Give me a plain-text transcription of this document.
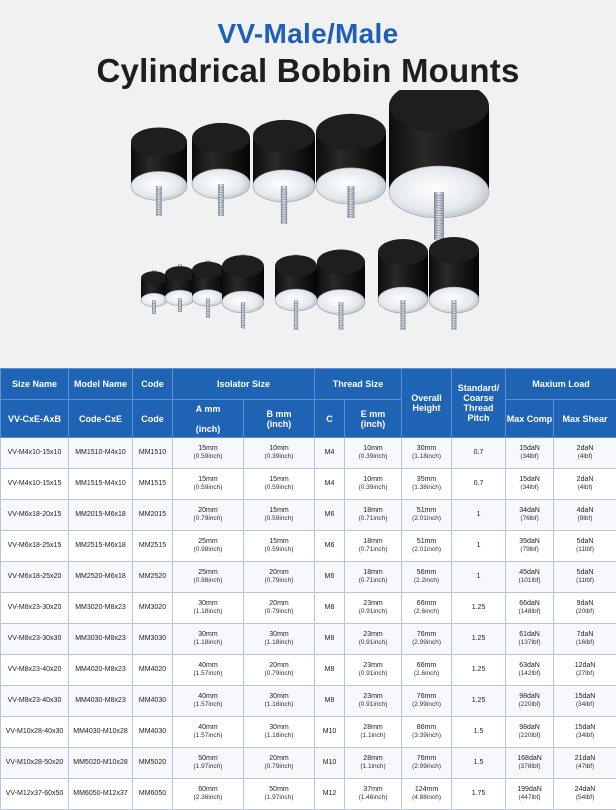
VV-Male/Male
Cylindrical Bobbin Mounts
Size Name	Model Name	Code	Isolator Size		Thread Size		Overall Height	Standard/ Coarse Thread Pitch	Maxium Load	
VV-CxE-AxB	Code-CxE	Code	A mm

(inch)	B mm
(inch)	C	E mm
(inch)			Max Comp	Max Shear
VV-M4x10-15x10	MM1510-M4x10	MM1510	15mm
(0.59inch)	10mm
(0.39inch)	M4	10mm
(0.39inch)	30mm
(1.18inch)	0.7	15daN
(34lbf)	2daN
(4lbf)

VV-M4x10-15x15	MM1515-M4x10	MM1515	15mm
(0.59inch)	15mm
(0.59inch)	M4	10mm
(0.39inch)	35mm
(1.38inch)	0.7	15daN
(34lbf)	2daN
(4lbf)

VV-M6x18-20x15	MM2015-M6x18	MM2015	20mm
(0.79inch)	15mm
(0.59inch)	M6	18mm
(0.71inch)	51mm
(2.01inch)	1	34daN
(76lbf)	4daN
(9lbf)

VV-M6x18-25x15	MM2515-M6x18	MM2515	25mm
(0.98inch)	15mm
(0.59inch)	M6	18mm
(0.71inch)	51mm
(2.01inch)	1	35daN
(79lbf)	5daN
(11lbf)

VV-M6x18-25x20	MM2520-M6x18	MM2520	25mm
(0.98inch)	20mm
(0.79inch)	M6	18mm
(0.71inch)	56mm
(2.2inch)	1	45daN
(101lbf)	5daN
(11lbf)

VV-M8x23-30x20	MM3020-M8x23	MM3020	30mm
(1.18inch)	20mm
(0.79inch)	M8	23mm
(0.91inch)	66mm
(2.6inch)	1.25	66daN
(148lbf)	9daN
(20lbf)

VV-M8x23-30x30	MM3030-M8x23	MM3030	30mm
(1.18inch)	30mm
(1.18inch)	M8	23mm
(0.91inch)	76mm
(2.99inch)	1.25	61daN
(137lbf)	7daN
(16lbf)

VV-M8x23-40x20	MM4020-M8x23	MM4020	40mm
(1.57inch)	20mm
(0.79inch)	M8	23mm
(0.91inch)	66mm
(2.6inch)	1.25	63daN
(142lbf)	12daN
(27lbf)

VV-M8x23-40x30	MM4030-M8x23	MM4030	40mm
(1.57inch)	30mm
(1.18inch)	M8	23mm
(0.91inch)	76mm
(2.99inch)	1.25	98daN
(220lbf)	15daN
(34lbf)

VV-M10x28-40x30	MM4030-M10x28	MM4030	40mm
(1.57inch)	30mm
(1.18inch)	M10	28mm
(1.1inch)	86mm
(3.39inch)	1.5	98daN
(220lbf)	15daN
(34lbf)

VV-M10x28-50x20	MM5020-M10x28	MM5020	50mm
(1.97inch)	20mm
(0.79inch)	M10	28mm
(1.1inch)	76mm
(2.99inch)	1.5	168daN
(378lbf)	21daN
(47lbf)

VV-M12x37-60x50	MM6050-M12x37	MM6050	60mm
(2.36inch)	50mm
(1.97inch)	M12	37mm
(1.46inch)	124mm
(4.88inch)	1.75	199daN
(447lbf)	24daN
(54lbf)
